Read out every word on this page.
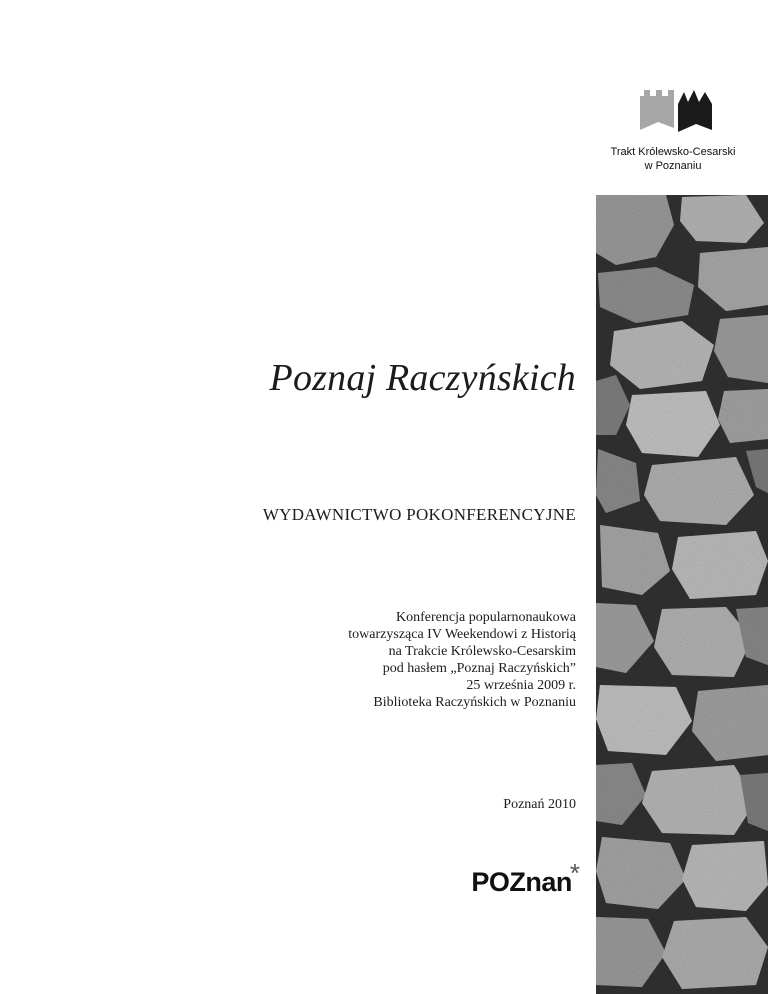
Trakt Królewsko-Cesarski
w Poznaniu
Poznaj Raczyńskich
WYDAWNICTWO POKONFERENCYJNE
Konferencja popularnonaukowa
towarzysząca IV Weekendowi z Historią
na Trakcie Królewsko-Cesarskim
pod hasłem „Poznaj Raczyńskich”
25 września 2009 r.
Biblioteka Raczyńskich w Poznaniu
Poznań 2010
POZnan
*
